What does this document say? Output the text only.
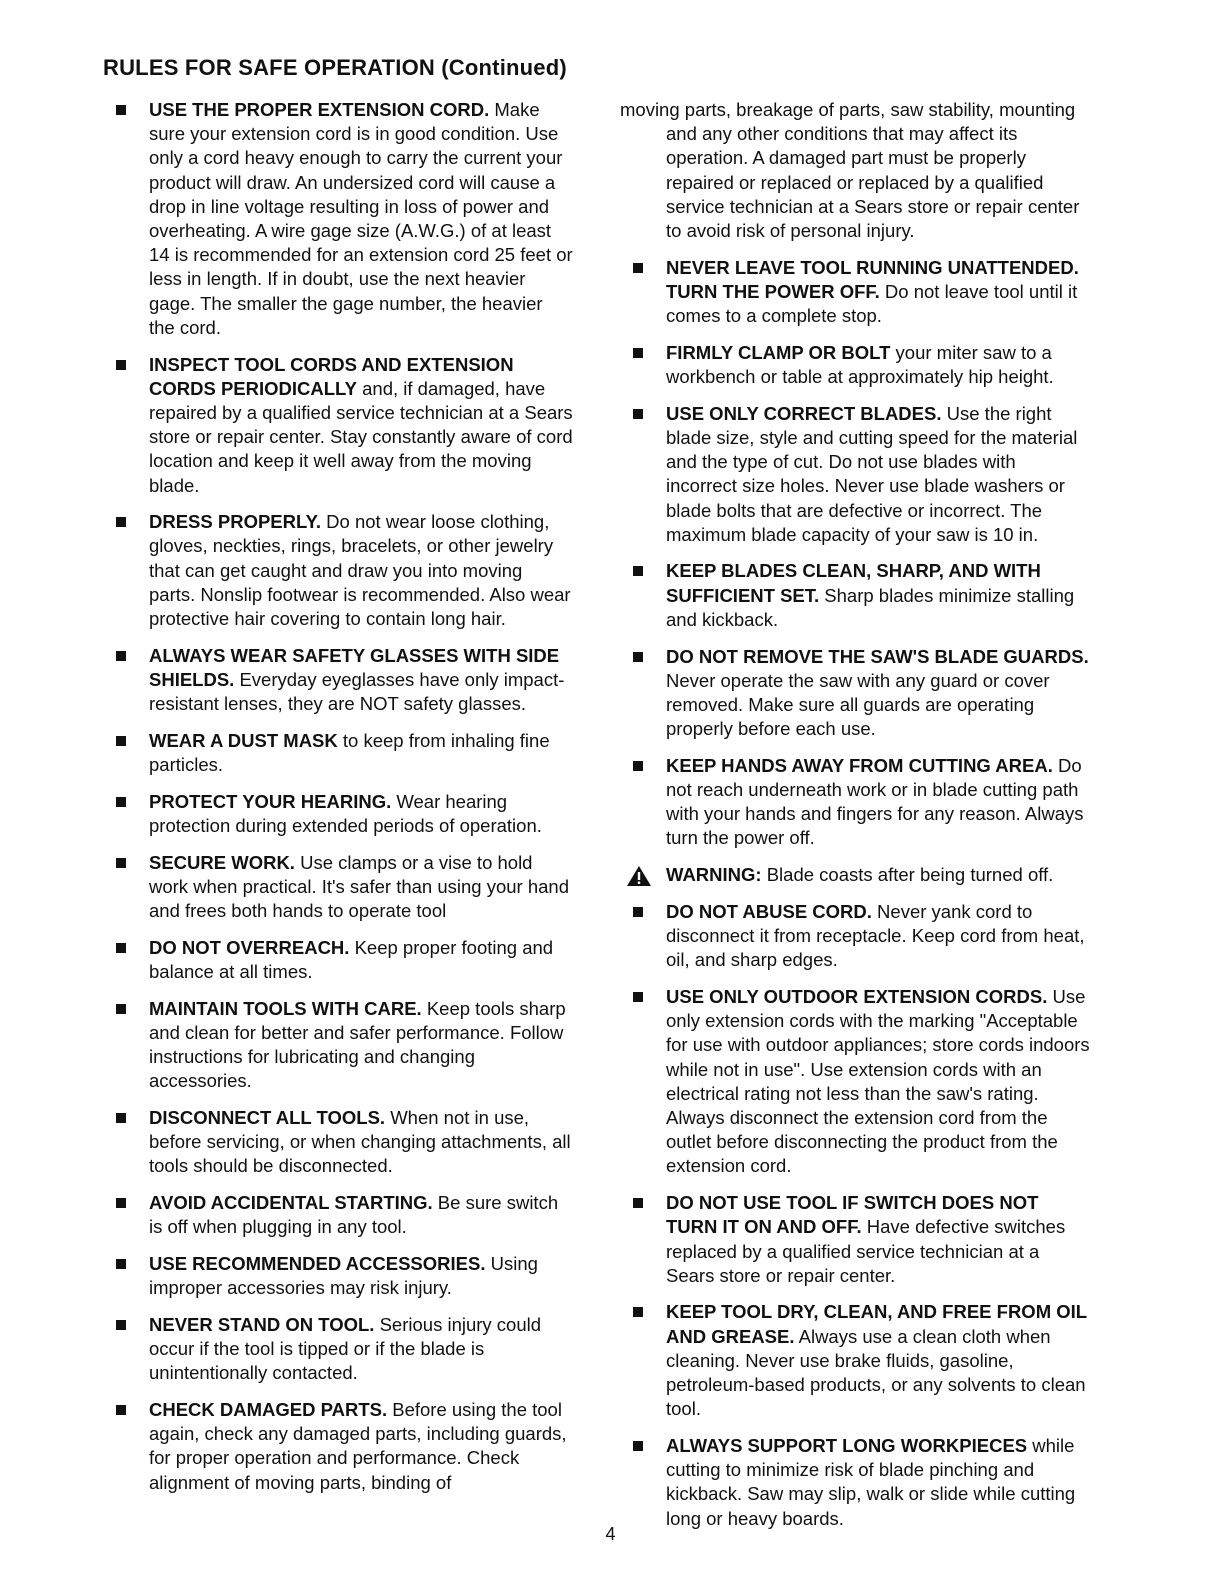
RULES FOR SAFE OPERATION (Continued)
USE THE PROPER EXTENSION CORD. Make sure your extension cord is in good condition. Use only a cord heavy enough to carry the current your product will draw. An undersized cord will cause a drop in line voltage resulting in loss of power and overheating. A wire gage size (A.W.G.) of at least 14 is recommended for an extension cord 25 feet or less in length. If in doubt, use the next heavier gage. The smaller the gage number, the heavier the cord.
INSPECT TOOL CORDS AND EXTENSION CORDS PERIODICALLY and, if damaged, have repaired by a qualified service technician at a Sears store or repair center. Stay constantly aware of cord location and keep it well away from the moving blade.
DRESS PROPERLY. Do not wear loose clothing, gloves, neckties, rings, bracelets, or other jewelry that can get caught and draw you into moving parts. Nonslip footwear is recommended. Also wear protective hair covering to contain long hair.
ALWAYS WEAR SAFETY GLASSES WITH SIDE SHIELDS. Everyday eyeglasses have only impact-resistant lenses, they are NOT safety glasses.
WEAR A DUST MASK to keep from inhaling fine particles.
PROTECT YOUR HEARING. Wear hearing protection during extended periods of operation.
SECURE WORK. Use clamps or a vise to hold work when practical. It's safer than using your hand and frees both hands to operate tool
DO NOT OVERREACH. Keep proper footing and balance at all times.
MAINTAIN TOOLS WITH CARE. Keep tools sharp and clean for better and safer performance. Follow instructions for lubricating and changing accessories.
DISCONNECT ALL TOOLS. When not in use, before servicing, or when changing attachments, all tools should be disconnected.
AVOID ACCIDENTAL STARTING. Be sure switch is off when plugging in any tool.
USE RECOMMENDED ACCESSORIES. Using improper accessories may risk injury.
NEVER STAND ON TOOL. Serious injury could occur if the tool is tipped or if the blade is unintentionally contacted.
CHECK DAMAGED PARTS. Before using the tool again, check any damaged parts, including guards, for proper operation and performance. Check alignment of moving parts, binding of
moving parts, breakage of parts, saw stability, mounting and any other conditions that may affect its operation. A damaged part must be properly repaired or replaced or replaced by a qualified service technician at a Sears store or repair center to avoid risk of personal injury.
NEVER LEAVE TOOL RUNNING UNATTENDED. TURN THE POWER OFF. Do not leave tool until it comes to a complete stop.
FIRMLY CLAMP OR BOLT your miter saw to a workbench or table at approximately hip height.
USE ONLY CORRECT BLADES. Use the right blade size, style and cutting speed for the material and the type of cut. Do not use blades with incorrect size holes. Never use blade washers or blade bolts that are defective or incorrect. The maximum blade capacity of your saw is 10 in.
KEEP BLADES CLEAN, SHARP, AND WITH SUFFICIENT SET. Sharp blades minimize stalling and kickback.
DO NOT REMOVE THE SAW'S BLADE GUARDS. Never operate the saw with any guard or cover removed. Make sure all guards are operating properly before each use.
KEEP HANDS AWAY FROM CUTTING AREA. Do not reach underneath work or in blade cutting path with your hands and fingers for any reason. Always turn the power off.
WARNING: Blade coasts after being turned off.
DO NOT ABUSE CORD. Never yank cord to disconnect it from receptacle. Keep cord from heat, oil, and sharp edges.
USE ONLY OUTDOOR EXTENSION CORDS. Use only extension cords with the marking "Acceptable for use with outdoor appliances; store cords indoors while not in use". Use extension cords with an electrical rating not less than the saw's rating. Always disconnect the extension cord from the outlet before disconnecting the product from the extension cord.
DO NOT USE TOOL IF SWITCH DOES NOT TURN IT ON AND OFF. Have defective switches replaced by a qualified service technician at a Sears store or repair center.
KEEP TOOL DRY, CLEAN, AND FREE FROM OIL AND GREASE. Always use a clean cloth when cleaning. Never use brake fluids, gasoline, petroleum-based products, or any solvents to clean tool.
ALWAYS SUPPORT LONG WORKPIECES while cutting to minimize risk of blade pinching and kickback. Saw may slip, walk or slide while cutting long or heavy boards.
4
